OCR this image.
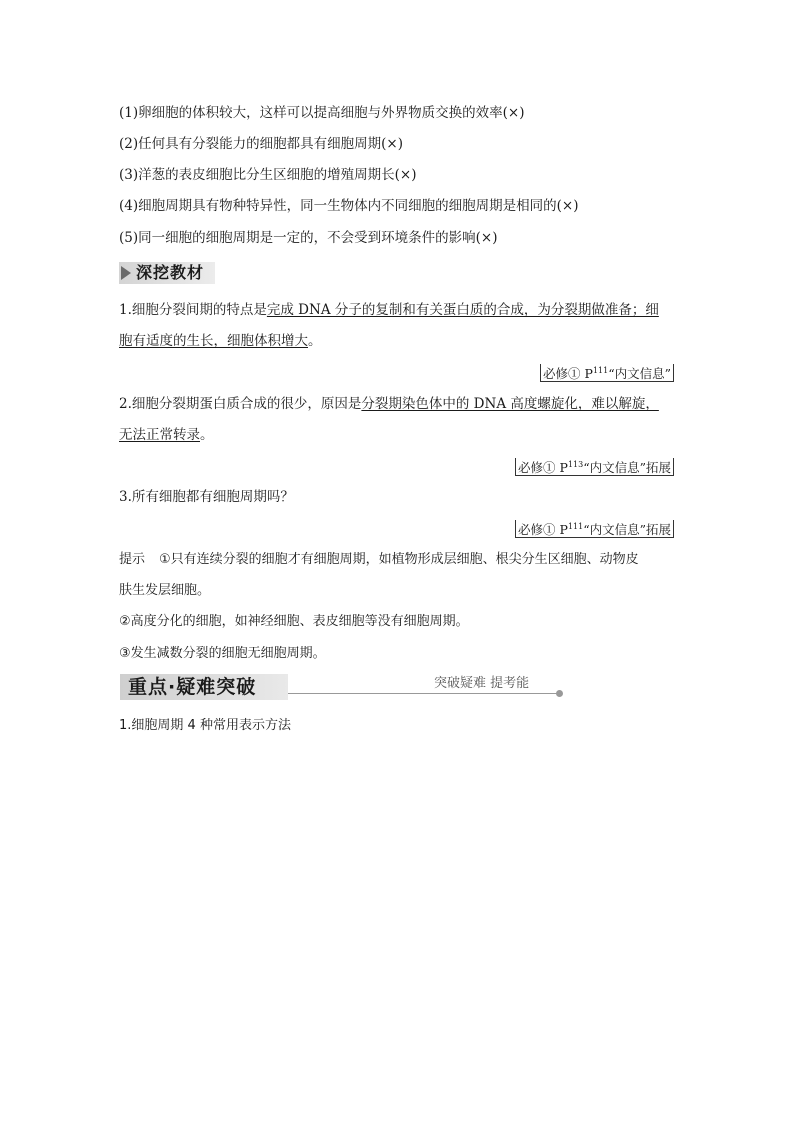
(1)卵细胞的体积较大，这样可以提高细胞与外界物质交换的效率(×)
(2)任何具有分裂能力的细胞都具有细胞周期(×)
(3)洋葱的表皮细胞比分生区细胞的增殖周期长(×)
(4)细胞周期具有物种特异性，同一生物体内不同细胞的细胞周期是相同的(×)
(5)同一细胞的细胞周期是一定的，不会受到环境条件的影响(×)
深挖教材
1.细胞分裂间期的特点是完成 DNA 分子的复制和有关蛋白质的合成，为分裂期做准备；细
胞有适度的生长，细胞体积增大。
必修① $P^{111}“$内文信息”
2.细胞分裂期蛋白质合成的很少，原因是分裂期染色体中的 DNA 高度螺旋化，难以解旋，
无法正常转录。
必修① $P^{113}“$内文信息”拓展
3.所有细胞都有细胞周期吗？
必修① $P^{111}“$内文信息”拓展
提示 ①只有连续分裂的细胞才有细胞周期，如植物形成层细胞、根尖分生区细胞、动物皮
肤生发层细胞。
②高度分化的细胞，如神经细胞、表皮细胞等没有细胞周期。
③发生减数分裂的细胞无细胞周期。
重点·疑难突破	突破疑难 提考能
1.细胞周期 4 种常用表示方法
